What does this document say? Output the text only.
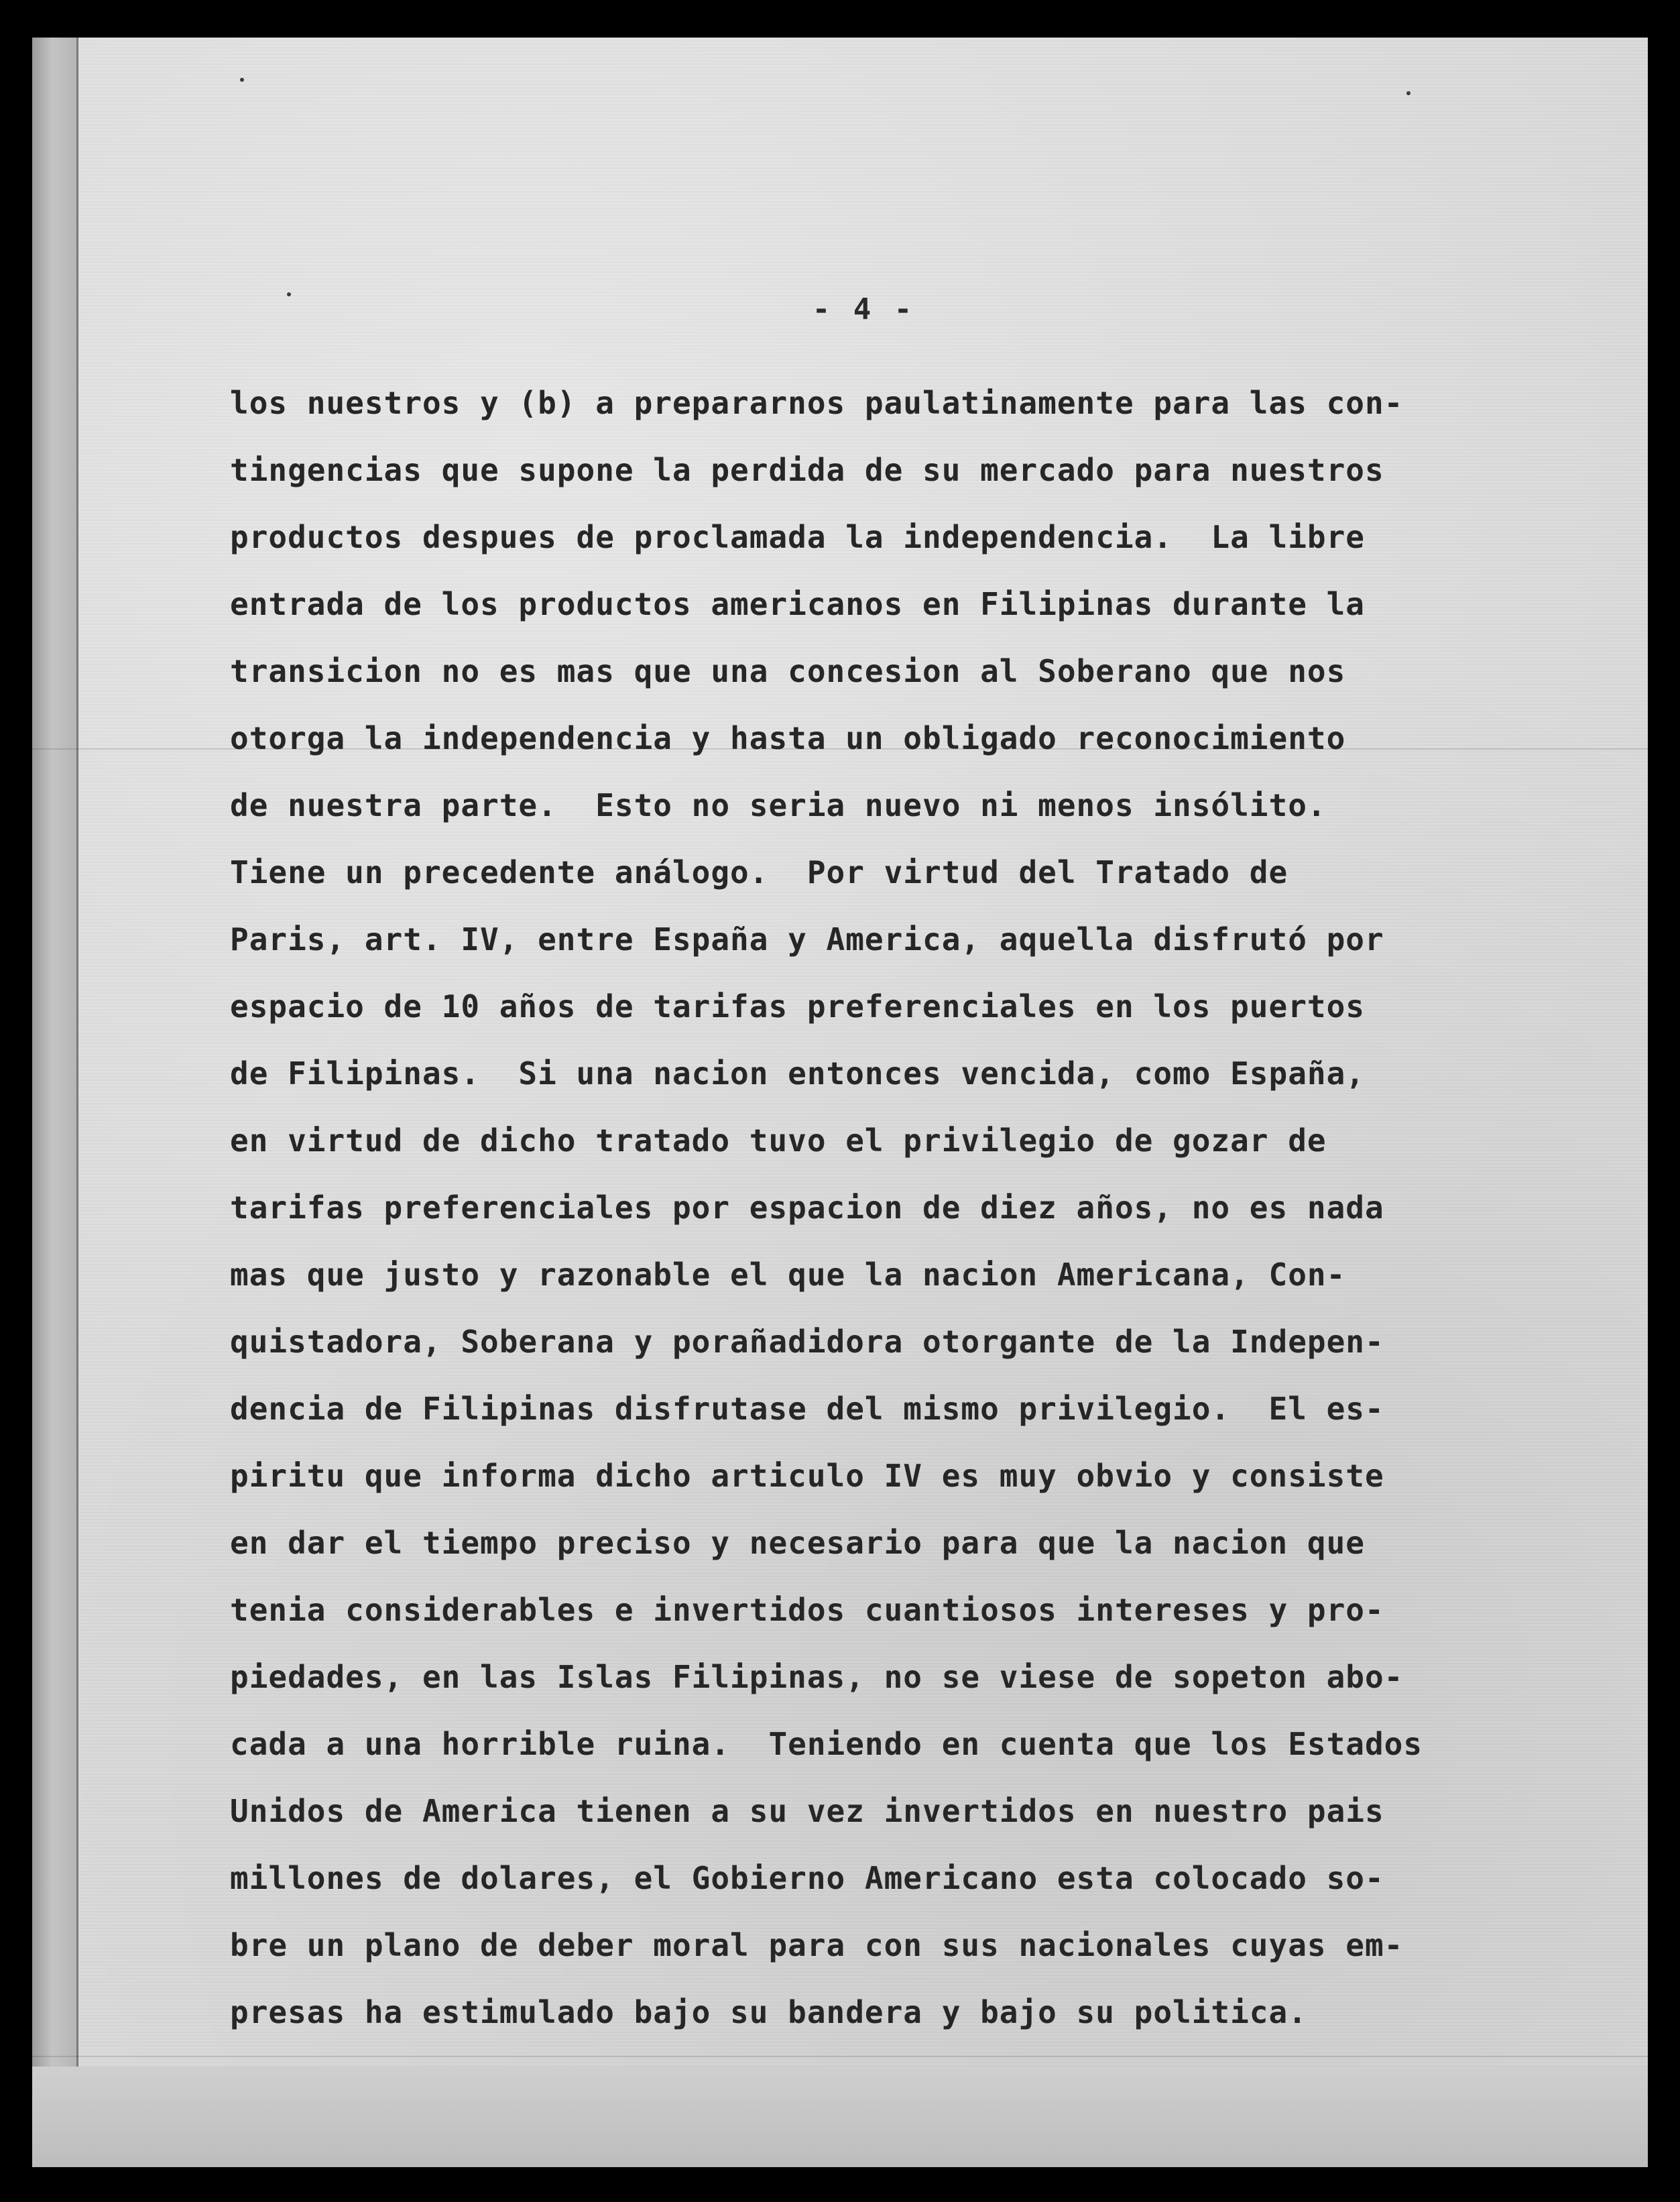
- 4 -
los nuestros y (b) a prepararnos paulatinamente para las con-
tingencias que supone la perdida de su mercado para nuestros
productos despues de proclamada la independencia.  La libre
entrada de los productos americanos en Filipinas durante la
transicion no es mas que una concesion al Soberano que nos
otorga la independencia y hasta un obligado reconocimiento
de nuestra parte.  Esto no seria nuevo ni menos insólito.
Tiene un precedente análogo.  Por virtud del Tratado de
Paris, art. IV, entre España y America, aquella disfrutó por
espacio de 10 años de tarifas preferenciales en los puertos
de Filipinas.  Si una nacion entonces vencida, como España,
en virtud de dicho tratado tuvo el privilegio de gozar de
tarifas preferenciales por espacion de diez años, no es nada
mas que justo y razonable el que la nacion Americana, Con-
quistadora, Soberana y porañadidora otorgante de la Indepen-
dencia de Filipinas disfrutase del mismo privilegio.  El es-
piritu que informa dicho articulo IV es muy obvio y consiste
en dar el tiempo preciso y necesario para que la nacion que
tenia considerables e invertidos cuantiosos intereses y pro-
piedades, en las Islas Filipinas, no se viese de sopeton abo-
cada a una horrible ruina.  Teniendo en cuenta que los Estados
Unidos de America tienen a su vez invertidos en nuestro pais
millones de dolares, el Gobierno Americano esta colocado so-
bre un plano de deber moral para con sus nacionales cuyas em-
presas ha estimulado bajo su bandera y bajo su politica.
